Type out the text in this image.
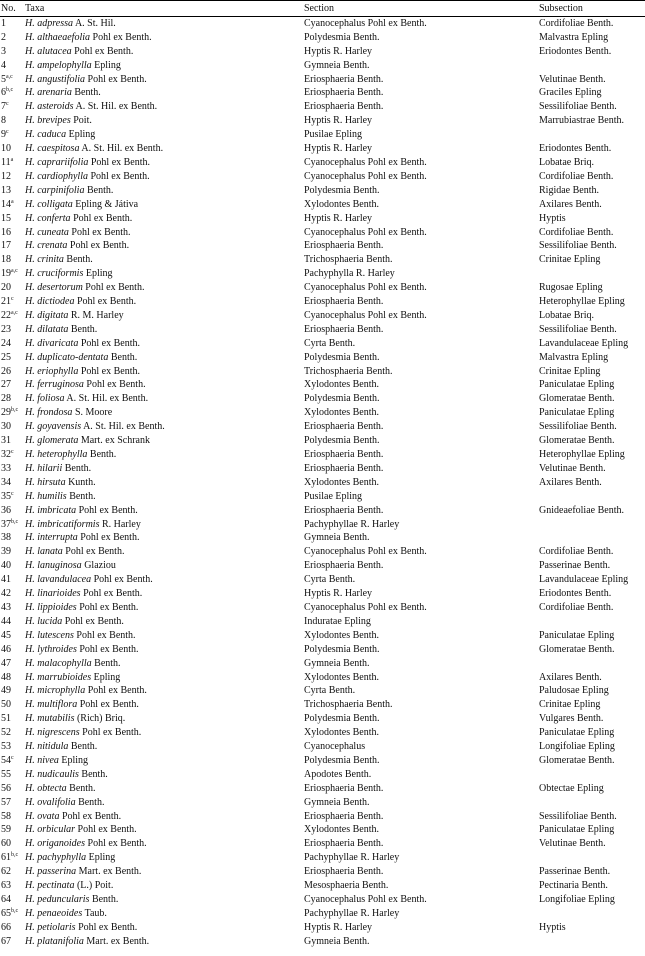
No.	Taxa	Section	Subsection
1	H. adpressa A. St. Hil.	Cyanocephalus Pohl ex Benth.	Cordifoliae Benth.
2	H. althaeaefolia Pohl ex Benth.	Polydesmia Benth.	Malvastra Epling
3	H. alutacea Pohl ex Benth.	Hyptis R. Harley	Eriodontes Benth.
4	H. ampelophylla Epling	Gymneia Benth.	
5$^{a,c}$	H. angustifolia Pohl ex Benth.	Eriosphaeria Benth.	Velutinae Benth.
6$^{b,c}$	H. arenaria Benth.	Eriosphaeria Benth.	Graciles Epling
7$^c$	H. asteroids A. St. Hil. ex Benth.	Eriosphaeria Benth.	Sessilifoliae Benth.
8	H. brevipes Poit.	Hyptis R. Harley	Marrubiastrae Benth.
9$^c$	H. caduca Epling	Pusilae Epling	
10	H. caespitosa A. St. Hil. ex Benth.	Hyptis R. Harley	Eriodontes Benth.
11$^a$	H. caprariifolia Pohl ex Benth.	Cyanocephalus Pohl ex Benth.	Lobatae Briq.
12	H. cardiophylla Pohl ex Benth.	Cyanocephalus Pohl ex Benth.	Cordifoliae Benth.
13	H. carpinifolia Benth.	Polydesmia Benth.	Rigidae Benth.
14$^a$	H. colligata Epling & Játiva	Xylodontes Benth.	Axilares Benth.
15	H. conferta Pohl ex Benth.	Hyptis R. Harley	Hyptis
16	H. cuneata Pohl ex Benth.	Cyanocephalus Pohl ex Benth.	Cordifoliae Benth.
17	H. crenata Pohl ex Benth.	Eriosphaeria Benth.	Sessilifoliae Benth.
18	H. crinita Benth.	Trichosphaeria Benth.	Crinitae Epling
19$^{a,c}$	H. cruciformis Epling	Pachyphylla R. Harley	
20	H. desertorum Pohl ex Benth.	Cyanocephalus Pohl ex Benth.	Rugosae Epling
21$^c$	H. dictiodea Pohl ex Benth.	Eriosphaeria Benth.	Heterophyllae Epling
22$^{a,c}$	H. digitata R. M. Harley	Cyanocephalus Pohl ex Benth.	Lobatae Briq.
23	H. dilatata Benth.	Eriosphaeria Benth.	Sessilifoliae Benth.
24	H. divaricata Pohl ex Benth.	Cyrta Benth.	Lavandulaceae Epling
25	H. duplicato-dentata Benth.	Polydesmia Benth.	Malvastra Epling
26	H. eriophylla Pohl ex Benth.	Trichosphaeria Benth.	Crinitae Epling
27	H. ferruginosa Pohl ex Benth.	Xylodontes Benth.	Paniculatae Epling
28	H. foliosa A. St. Hil. ex Benth.	Polydesmia Benth.	Glomeratae Benth.
29$^{b,c}$	H. frondosa S. Moore	Xylodontes Benth.	Paniculatae Epling
30	H. goyavensis A. St. Hil. ex Benth.	Eriosphaeria Benth.	Sessilifoliae Benth.
31	H. glomerata Mart. ex Schrank	Polydesmia Benth.	Glomeratae Benth.
32$^c$	H. heterophylla Benth.	Eriosphaeria Benth.	Heterophyllae Epling
33	H. hilarii Benth.	Eriosphaeria Benth.	Velutinae Benth.
34	H. hirsuta Kunth.	Xylodontes Benth.	Axilares Benth.
35$^c$	H. humilis Benth.	Pusilae Epling	
36	H. imbricata Pohl ex Benth.	Eriosphaeria Benth.	Gnideaefoliae Benth.
37$^{b,c}$	H. imbricatiformis R. Harley	Pachyphyllae R. Harley	
38	H. interrupta Pohl ex Benth.	Gymneia Benth.	
39	H. lanata Pohl ex Benth.	Cyanocephalus Pohl ex Benth.	Cordifoliae Benth.
40	H. lanuginosa Glaziou	Eriosphaeria Benth.	Passerinae Benth.
41	H. lavandulacea Pohl ex Benth.	Cyrta Benth.	Lavandulaceae Epling
42	H. linarioides Pohl ex Benth.	Hyptis R. Harley	Eriodontes Benth.
43	H. lippioides Pohl ex Benth.	Cyanocephalus Pohl ex Benth.	Cordifoliae Benth.
44	H. lucida Pohl ex Benth.	Induratae Epling	
45	H. lutescens Pohl ex Benth.	Xylodontes Benth.	Paniculatae Epling
46	H. lythroides Pohl ex Benth.	Polydesmia Benth.	Glomeratae Benth.
47	H. malacophylla Benth.	Gymneia Benth.	
48	H. marrubioides Epling	Xylodontes Benth.	Axilares Benth.
49	H. microphylla Pohl ex Benth.	Cyrta Benth.	Paludosae Epling
50	H. multiflora Pohl ex Benth.	Trichosphaeria Benth.	Crinitae Epling
51	H. mutabilis (Rich) Briq.	Polydesmia Benth.	Vulgares Benth.
52	H. nigrescens Pohl ex Benth.	Xylodontes Benth.	Paniculatae Epling
53	H. nitidula Benth.	Cyanocephalus	Longifoliae Epling
54$^c$	H. nivea Epling	Polydesmia Benth.	Glomeratae Benth.
55	H. nudicaulis Benth.	Apodotes Benth.	
56	H. obtecta Benth.	Eriosphaeria Benth.	Obtectae Epling
57	H. ovalifolia Benth.	Gymneia Benth.	
58	H. ovata Pohl ex Benth.	Eriosphaeria Benth.	Sessilifoliae Benth.
59	H. orbicular Pohl ex Benth.	Xylodontes Benth.	Paniculatae Epling
60	H. origanoides Pohl ex Benth.	Eriosphaeria Benth.	Velutinae Benth.
61$^{b,c}$	H. pachyphylla Epling	Pachyphyllae R. Harley	
62	H. passerina Mart. ex Benth.	Eriosphaeria Benth.	Passerinae Benth.
63	H. pectinata (L.) Poit.	Mesosphaeria Benth.	Pectinaria Benth.
64	H. peduncularis Benth.	Cyanocephalus Pohl ex Benth.	Longifoliae Epling
65$^{b,c}$	H. penaeoides Taub.	Pachyphyllae R. Harley	
66	H. petiolaris Pohl ex Benth.	Hyptis R. Harley	Hyptis
67	H. platanifolia Mart. ex Benth.	Gymneia Benth.	
